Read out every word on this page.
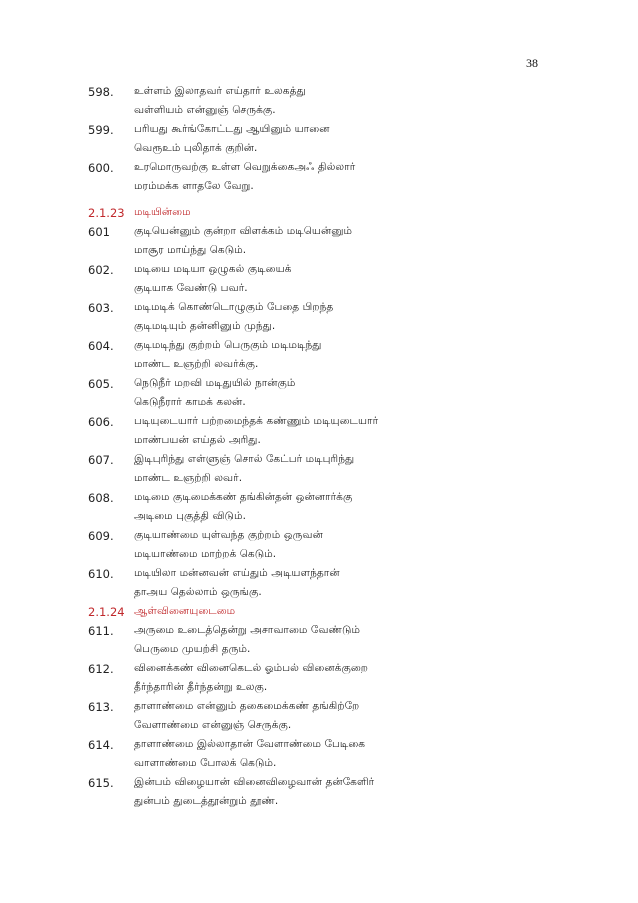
38
598.	உள்ளம் இலாதவர் எய்தார் உலகத்து
வள்ளியம் என்னுஞ் செருக்கு.
599.	பரியது கூர்ங்கோட்டது ஆயினும் யானை
வெரூஉம் புலிதாக் குறின்.
600.	உரமொருவற்கு உள்ள வெறுக்கைஅஃ தில்லார்
மரம்மக்க ளாதலே வேறு.
2.1.23 மடியின்மை
601	குடியென்னும் குன்றா விளக்கம் மடியென்னும்
மாசூர மாய்ந்து கெடும்.
602.	மடியை மடியா ஒழுகல் குடியைக்
குடியாக வேண்டு பவர்.
603.	மடிமடிக் கொண்டொழுகும் பேதை பிறந்த
குடிமடியும் தன்னினும் முந்து.
604.	குடிமடிந்து குற்றம் பெருகும் மடிமடிந்து
மாண்ட உஞற்றி லவர்க்கு.
605.	நெடுநீர் மறவி மடிதுயில் நான்கும்
கெடுநீரார் காமக் கலன்.
606.	படியுடையார் பற்றமைந்தக் கண்ணும் மடியுடையார்
மாண்பயன் எய்தல் அரிது.
607.	இடிபுரிந்து எள்ளுஞ் சொல் கேட்பர் மடிபுரிந்து
மாண்ட உஞற்றி லவர்.
608.	மடிமை குடிமைக்கண் தங்கின்தன் ஒன்னார்க்கு
அடிமை புகுத்தி விடும்.
609.	குடியாண்மை யுள்வந்த குற்றம் ஒருவன்
மடியாண்மை மாற்றக் கெடும்.
610.	மடியிலா மன்னவன் எய்தும் அடியளந்தான்
தாஅய தெல்லாம் ஒருங்கு.
2.1.24 ஆள்வினையுடைமை
611.	அருமை உடைத்தென்று அசாவாமை வேண்டும்
பெருமை முயற்சி தரும்.
612.	வினைக்கண் வினைகெடல் ஓம்பல் வினைக்குறை
தீர்ந்தாரின் தீர்ந்தன்று உலகு.
613.	தாளாண்மை என்னும் தகைமைக்கண் தங்கிற்றே
வேளாண்மை என்னுஞ் செருக்கு.
614.	தாளாண்மை இல்லாதான் வேளாண்மை பேடிகை
வாளாண்மை போலக் கெடும்.
615.	இன்பம் விழையான் வினைவிழைவான் தன்கேளிர்
துன்பம் துடைத்தூன்றும் தூண்.
